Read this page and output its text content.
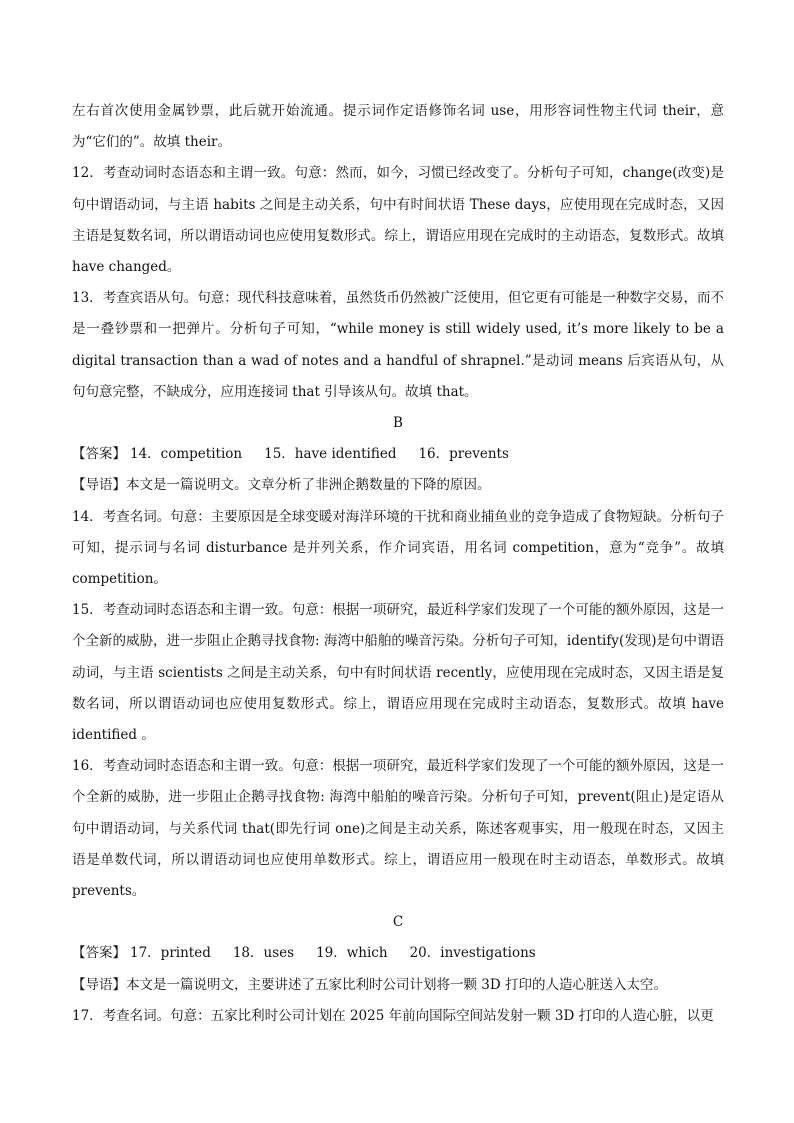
左右首次使用金属钞票，此后就开始流通。提示词作定语修饰名词 use，用形容词性物主代词 their，意为“它们的”。故填 their。

12．考查动词时态语态和主谓一致。句意：然而，如今，习惯已经改变了。分析句子可知，change(改变)是句中谓语动词，与主语 habits 之间是主动关系，句中有时间状语 These days，应使用现在完成时态，又因主语是复数名词，所以谓语动词也应使用复数形式。综上，谓语应用现在完成时的主动语态，复数形式。故填 have changed。

13．考查宾语从句。句意：现代科技意味着，虽然货币仍然被广泛使用，但它更有可能是一种数字交易，而不是一叠钞票和一把弹片。分析句子可知，“while money is still widely used, it’s more likely to be a digital transaction than a wad of notes and a handful of shrapnel.”是动词 means 后宾语从句，从句句意完整，不缺成分，应用连接词 that 引导该从句。故填 that。

B

【答案】 14．competition 15．have identified 16．prevents

【导语】本文是一篇说明文。文章分析了非洲企鹅数量的下降的原因。

14．考查名词。句意：主要原因是全球变暖对海洋环境的干扰和商业捕鱼业的竞争造成了食物短缺。分析句子可知，提示词与名词 disturbance 是并列关系，作介词宾语，用名词 competition，意为“竞争”。故填 competition。

15．考查动词时态语态和主谓一致。句意：根据一项研究，最近科学家们发现了一个可能的额外原因，这是一个全新的威胁，进一步阻止企鹅寻找食物: 海湾中船舶的噪音污染。分析句子可知，identify(发现)是句中谓语动词，与主语 scientists 之间是主动关系，句中有时间状语 recently，应使用现在完成时态，又因主语是复数名词，所以谓语动词也应使用复数形式。综上，谓语应用现在完成时主动语态，复数形式。故填 have identified 。

16．考查动词时态语态和主谓一致。句意：根据一项研究，最近科学家们发现了一个可能的额外原因，这是一个全新的威胁，进一步阻止企鹅寻找食物: 海湾中船舶的噪音污染。分析句子可知，prevent(阻止)是定语从句中谓语动词，与关系代词 that(即先行词 one)之间是主动关系，陈述客观事实，用一般现在时态，又因主语是单数代词，所以谓语动词也应使用单数形式。综上，谓语应用一般现在时主动语态，单数形式。故填 prevents。

C

【答案】 17．printed 18．uses 19．which 20．investigations

【导语】本文是一篇说明文，主要讲述了五家比利时公司计划将一颗 3D 打印的人造心脏送入太空。

17．考查名词。句意：五家比利时公司计划在 2025 年前向国际空间站发射一颗 3D 打印的人造心脏，以更
